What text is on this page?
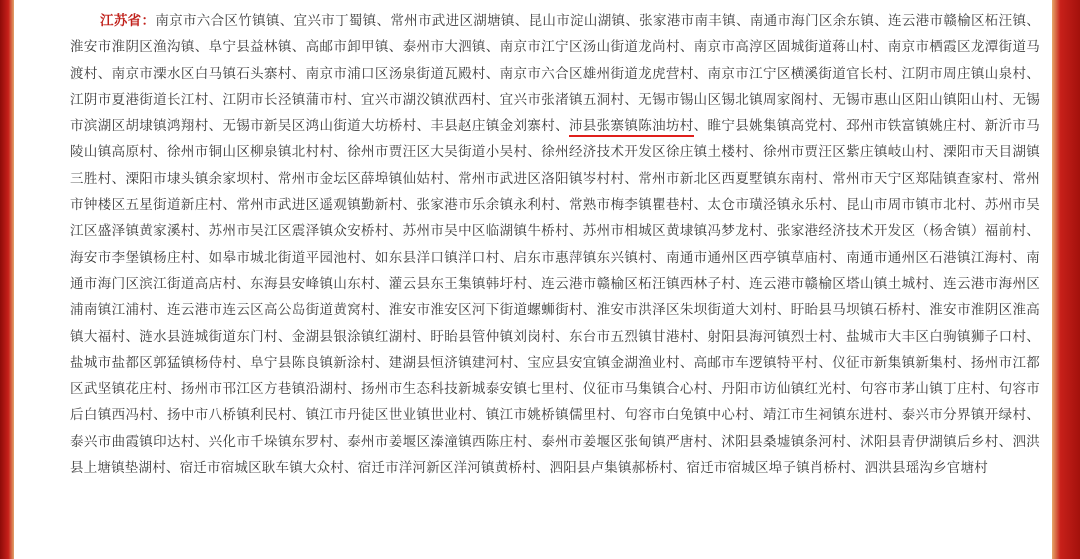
江苏省：南京市六合区竹镇镇、宜兴市丁蜀镇、常州市武进区湖塘镇、昆山市淀山湖镇、张家港市南丰镇、南通市海门区余东镇、连云港市赣榆区柘汪镇、淮安市淮阴区渔沟镇、阜宁县益林镇、高邮市卸甲镇、泰州市大泗镇、南京市江宁区汤山街道龙尚村、南京市高淳区固城街道蒋山村、南京市栖霞区龙潭街道马渡村、南京市溧水区白马镇石头寨村、南京市浦口区汤泉街道瓦殿村、南京市六合区雄州街道龙虎营村、南京市江宁区横溪街道官长村、江阴市周庄镇山泉村、江阴市夏港街道长江村、江阴市长泾镇蒲市村、宜兴市湖㳇镇洑西村、宜兴市张渚镇五洞村、无锡市锡山区锡北镇周家阁村、无锡市惠山区阳山镇阳山村、无锡市滨湖区胡埭镇鸿翔村、无锡市新吴区鸿山街道大坊桥村、丰县赵庄镇金刘寨村、沛县张寨镇陈油坊村、睢宁县姚集镇高党村、邳州市铁富镇姚庄村、新沂市马陵山镇高原村、徐州市铜山区柳泉镇北村村、徐州市贾汪区大吴街道小吴村、徐州经济技术开发区徐庄镇土楼村、徐州市贾汪区紫庄镇岐山村、溧阳市天目湖镇三胜村、溧阳市埭头镇余家坝村、常州市金坛区薛埠镇仙姑村、常州市武进区洛阳镇岑村村、常州市新北区西夏墅镇东南村、常州市天宁区郑陆镇查家村、常州市钟楼区五星街道新庄村、常州市武进区遥观镇勤新村、张家港市乐余镇永利村、常熟市梅李镇瞿巷村、太仓市璜泾镇永乐村、昆山市周市镇市北村、苏州市吴江区盛泽镇黄家溪村、苏州市吴江区震泽镇众安桥村、苏州市吴中区临湖镇牛桥村、苏州市相城区黄埭镇冯梦龙村、张家港经济技术开发区（杨舍镇）福前村、海安市李堡镇杨庄村、如皋市城北街道平园池村、如东县洋口镇洋口村、启东市惠萍镇东兴镇村、南通市通州区西亭镇草庙村、南通市通州区石港镇江海村、南通市海门区滨江街道高店村、东海县安峰镇山东村、灌云县东王集镇韩圩村、连云港市赣榆区柘汪镇西林子村、连云港市赣榆区塔山镇土城村、连云港市海州区浦南镇江浦村、连云港市连云区高公岛街道黄窝村、淮安市淮安区河下街道螺蛳街村、淮安市洪泽区朱坝街道大刘村、盱眙县马坝镇石桥村、淮安市淮阴区淮高镇大福村、涟水县涟城街道东门村、金湖县银涂镇红湖村、盱眙县管仲镇刘岗村、东台市五烈镇甘港村、射阳县海河镇烈士村、盐城市大丰区白驹镇狮子口村、盐城市盐都区郭猛镇杨侍村、阜宁县陈良镇新涂村、建湖县恒济镇建河村、宝应县安宜镇金湖渔业村、高邮市车逻镇特平村、仪征市新集镇新集村、扬州市江都区武坚镇花庄村、扬州市邗江区方巷镇沿湖村、扬州市生态科技新城泰安镇七里村、仪征市马集镇合心村、丹阳市访仙镇红光村、句容市茅山镇丁庄村、句容市后白镇西冯村、扬中市八桥镇利民村、镇江市丹徒区世业镇世业村、镇江市姚桥镇儒里村、句容市白兔镇中心村、靖江市生祠镇东进村、泰兴市分界镇开绿村、泰兴市曲霞镇印达村、兴化市千垛镇东罗村、泰州市姜堰区溱潼镇西陈庄村、泰州市姜堰区张甸镇严唐村、沭阳县桑墟镇条河村、沭阳县青伊湖镇后乡村、泗洪县上塘镇垫湖村、宿迁市宿城区耿车镇大众村、宿迁市洋河新区洋河镇黄桥村、泗阳县卢集镇郝桥村、宿迁市宿城区埠子镇肖桥村、泗洪县瑶沟乡官塘村
